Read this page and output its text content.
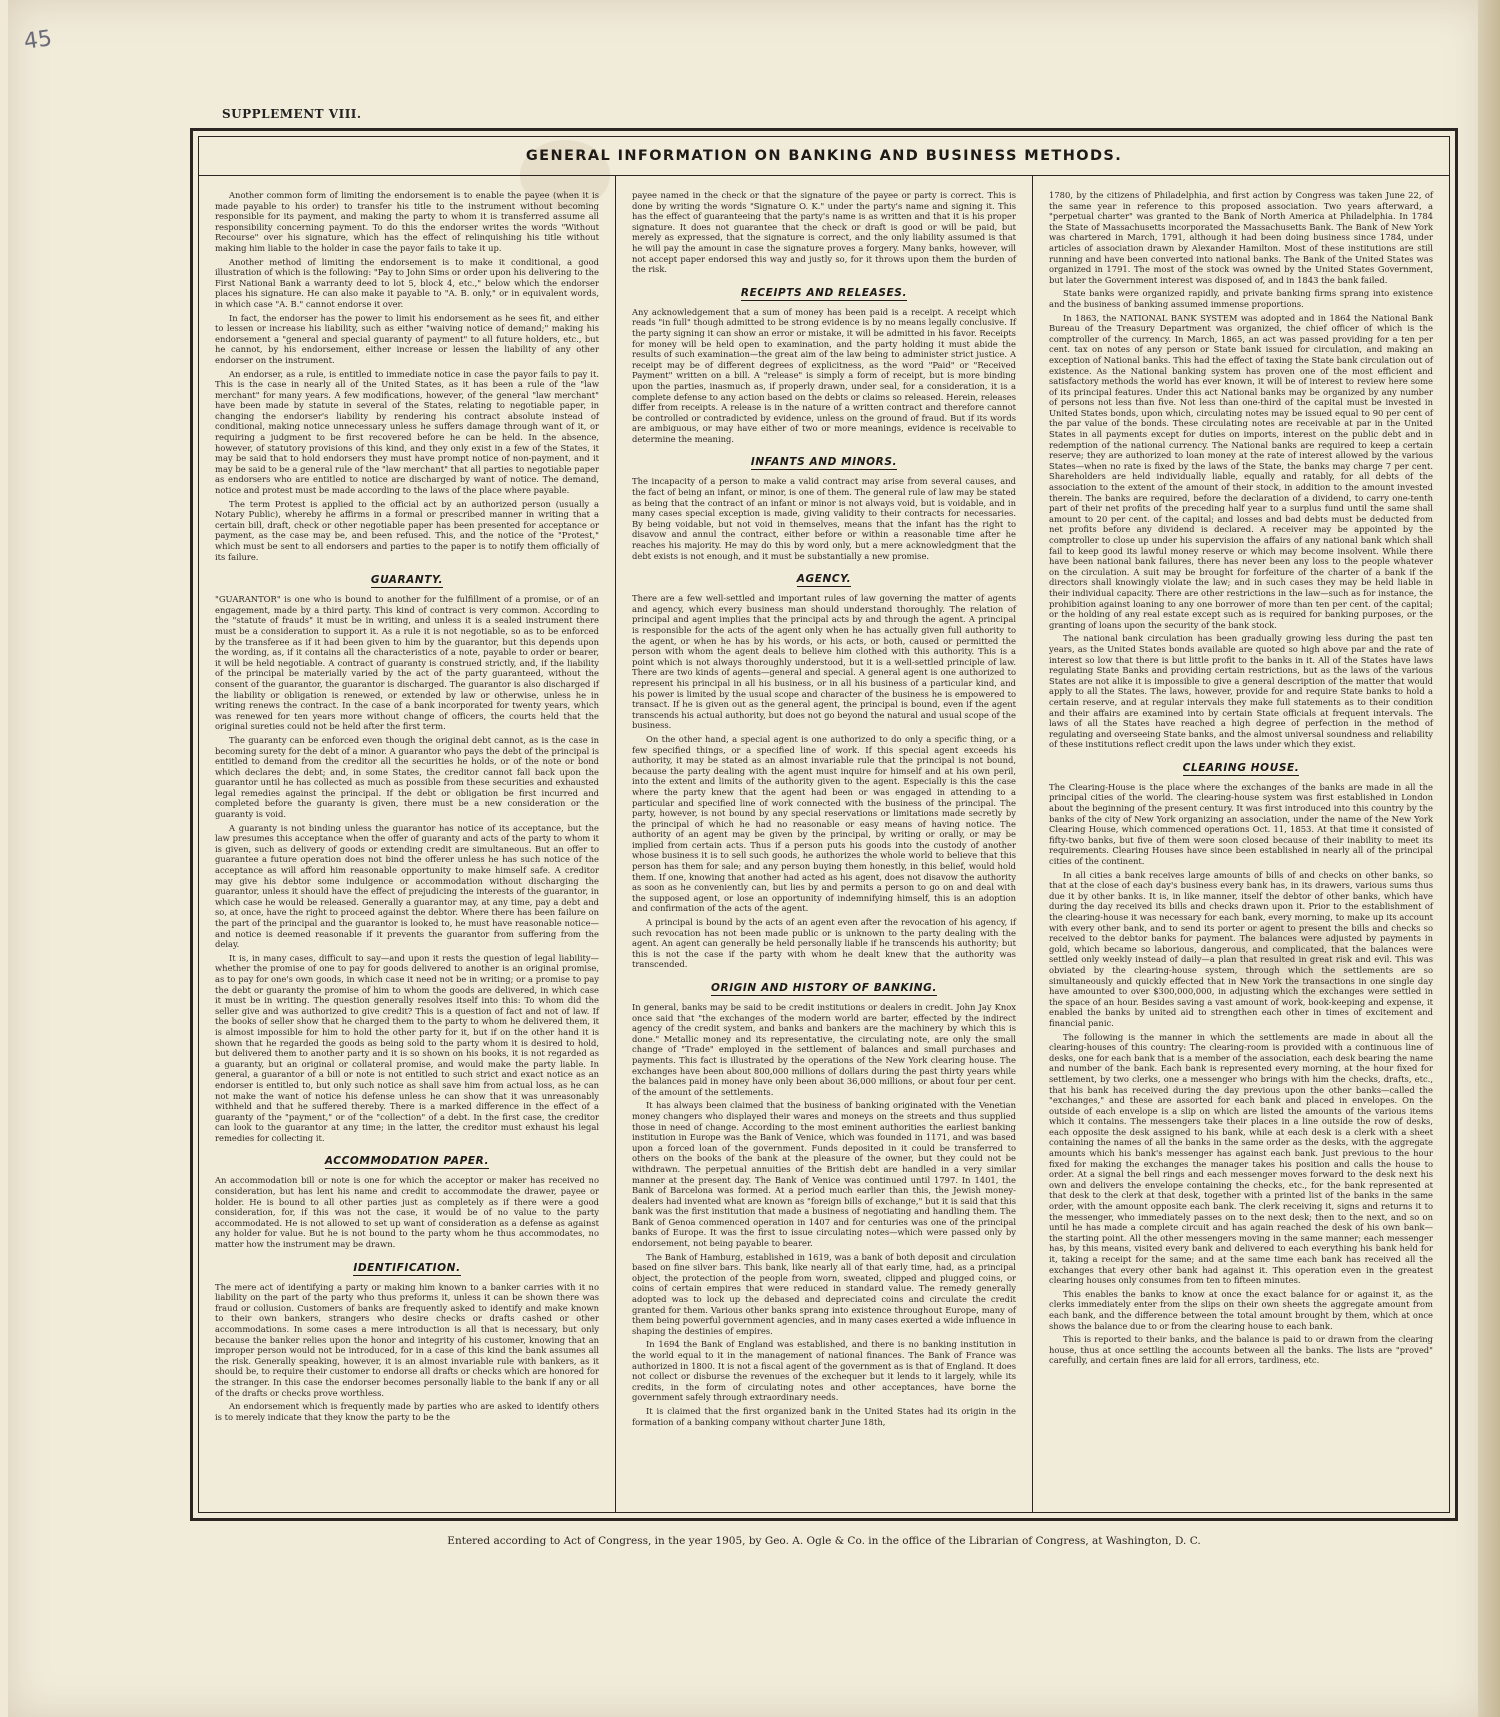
45
SUPPLEMENT VIII.
GENERAL INFORMATION ON BANKING AND BUSINESS METHODS.

Another common form of limiting the endorsement is to enable the payee (when it is made payable to his order) to transfer his title to the instrument without becoming responsible for its payment, and making the party to whom it is transferred assume all responsibility concerning payment. To do this the endorser writes the words "Without Recourse" over his signature, which has the effect of relinquishing his title without making him liable to the holder in case the payor fails to take it up.

Another method of limiting the endorsement is to make it conditional, a good illustration of which is the following: "Pay to John Sims or order upon his delivering to the First National Bank a warranty deed to lot 5, block 4, etc.," below which the endorser places his signature. He can also make it payable to "A. B. only," or in equivalent words, in which case "A. B." cannot endorse it over.

In fact, the endorser has the power to limit his endorsement as he sees fit, and either to lessen or increase his liability, such as either "waiving notice of demand;" making his endorsement a "general and special guaranty of payment" to all future holders, etc., but he cannot, by his endorsement, either increase or lessen the liability of any other endorser on the instrument.

An endorser, as a rule, is entitled to immediate notice in case the payor fails to pay it. This is the case in nearly all of the United States, as it has been a rule of the "law merchant" for many years. A few modifications, however, of the general "law merchant" have been made by statute in several of the States, relating to negotiable paper, in changing the endorser's liability by rendering his contract absolute instead of conditional, making notice unnecessary unless he suffers damage through want of it, or requiring a judgment to be first recovered before he can be held. In the absence, however, of statutory provisions of this kind, and they only exist in a few of the States, it may be said that to hold endorsers they must have prompt notice of non-payment, and it may be said to be a general rule of the "law merchant" that all parties to negotiable paper as endorsers who are entitled to notice are discharged by want of notice. The demand, notice and protest must be made according to the laws of the place where payable.

The term Protest is applied to the official act by an authorized person (usually a Notary Public), whereby he affirms in a formal or prescribed manner in writing that a certain bill, draft, check or other negotiable paper has been presented for acceptance or payment, as the case may be, and been refused. This, and the notice of the "Protest," which must be sent to all endorsers and parties to the paper is to notify them officially of its failure.

GUARANTY.

"GUARANTOR" is one who is bound to another for the fulfillment of a promise, or of an engagement, made by a third party. This kind of contract is very common. According to the "statute of frauds" it must be in writing, and unless it is a sealed instrument there must be a consideration to support it. As a rule it is not negotiable, so as to be enforced by the transferee as if it had been given to him by the guarantor, but this depends upon the wording, as, if it contains all the characteristics of a note, payable to order or bearer, it will be held negotiable. A contract of guaranty is construed strictly, and, if the liability of the principal be materially varied by the act of the party guaranteed, without the consent of the guarantor, the guarantor is discharged. The guarantor is also discharged if the liability or obligation is renewed, or extended by law or otherwise, unless he in writing renews the contract. In the case of a bank incorporated for twenty years, which was renewed for ten years more without change of officers, the courts held that the original sureties could not be held after the first term.

The guaranty can be enforced even though the original debt cannot, as is the case in becoming surety for the debt of a minor. A guarantor who pays the debt of the principal is entitled to demand from the creditor all the securities he holds, or of the note or bond which declares the debt; and, in some States, the creditor cannot fall back upon the guarantor until he has collected as much as possible from these securities and exhausted legal remedies against the principal. If the debt or obligation be first incurred and completed before the guaranty is given, there must be a new consideration or the guaranty is void.

A guaranty is not binding unless the guarantor has notice of its acceptance, but the law presumes this acceptance when the offer of guaranty and acts of the party to whom it is given, such as delivery of goods or extending credit are simultaneous. But an offer to guarantee a future operation does not bind the offerer unless he has such notice of the acceptance as will afford him reasonable opportunity to make himself safe. A creditor may give his debtor some indulgence or accommodation without discharging the guarantor, unless it should have the effect of prejudicing the interests of the guarantor, in which case he would be released. Generally a guarantor may, at any time, pay a debt and so, at once, have the right to proceed against the debtor. Where there has been failure on the part of the principal and the guarantor is looked to, he must have reasonable notice—and notice is deemed reasonable if it prevents the guarantor from suffering from the delay.

It is, in many cases, difficult to say—and upon it rests the question of legal liability—whether the promise of one to pay for goods delivered to another is an original promise, as to pay for one's own goods, in which case it need not be in writing; or a promise to pay the debt or guaranty the promise of him to whom the goods are delivered, in which case it must be in writing. The question generally resolves itself into this: To whom did the seller give and was authorized to give credit? This is a question of fact and not of law. If the books of seller show that he charged them to the party to whom he delivered them, it is almost impossible for him to hold the other party for it, but if on the other hand it is shown that he regarded the goods as being sold to the party whom it is desired to hold, but delivered them to another party and it is so shown on his books, it is not regarded as a guaranty, but an original or collateral promise, and would make the party liable. In general, a guarantor of a bill or note is not entitled to such strict and exact notice as an endorser is entitled to, but only such notice as shall save him from actual loss, as he can not make the want of notice his defense unless he can show that it was unreasonably withheld and that he suffered thereby. There is a marked difference in the effect of a guaranty of the "payment," or of the "collection" of a debt. In the first case, the creditor can look to the guarantor at any time; in the latter, the creditor must exhaust his legal remedies for collecting it.

ACCOMMODATION PAPER.

An accommodation bill or note is one for which the acceptor or maker has received no consideration, but has lent his name and credit to accommodate the drawer, payee or holder. He is bound to all other parties just as completely as if there were a good consideration, for, if this was not the case, it would be of no value to the party accommodated. He is not allowed to set up want of consideration as a defense as against any holder for value. But he is not bound to the party whom he thus accommodates, no matter how the instrument may be drawn.

IDENTIFICATION.

The mere act of identifying a party or making him known to a banker carries with it no liability on the part of the party who thus preforms it, unless it can be shown there was fraud or collusion. Customers of banks are frequently asked to identify and make known to their own bankers, strangers who desire checks or drafts cashed or other accommodations. In some cases a mere introduction is all that is necessary, but only because the banker relies upon the honor and integrity of his customer, knowing that an improper person would not be introduced, for in a case of this kind the bank assumes all the risk. Generally speaking, however, it is an almost invariable rule with bankers, as it should be, to require their customer to endorse all drafts or checks which are honored for the stranger. In this case the endorser becomes personally liable to the bank if any or all of the drafts or checks prove worthless.

An endorsement which is frequently made by parties who are asked to identify others is to merely indicate that they know the party to be the

payee named in the check or that the signature of the payee or party is correct. This is done by writing the words "Signature O. K." under the party's name and signing it. This has the effect of guaranteeing that the party's name is as written and that it is his proper signature. It does not guarantee that the check or draft is good or will be paid, but merely as expressed, that the signature is correct, and the only liability assumed is that he will pay the amount in case the signature proves a forgery. Many banks, however, will not accept paper endorsed this way and justly so, for it throws upon them the burden of the risk.

RECEIPTS AND RELEASES.

Any acknowledgement that a sum of money has been paid is a receipt. A receipt which reads "in full" though admitted to be strong evidence is by no means legally conclusive. If the party signing it can show an error or mistake, it will be admitted in his favor. Receipts for money will be held open to examination, and the party holding it must abide the results of such examination—the great aim of the law being to administer strict justice. A receipt may be of different degrees of explicitness, as the word "Paid" or "Received Payment" written on a bill. A "release" is simply a form of receipt, but is more binding upon the parties, inasmuch as, if properly drawn, under seal, for a consideration, it is a complete defense to any action based on the debts or claims so released. Herein, releases differ from receipts. A release is in the nature of a written contract and therefore cannot be controlled or contradicted by evidence, unless on the ground of fraud. But if its words are ambiguous, or may have either of two or more meanings, evidence is receivable to determine the meaning.

INFANTS AND MINORS.

The incapacity of a person to make a valid contract may arise from several causes, and the fact of being an infant, or minor, is one of them. The general rule of law may be stated as being that the contract of an infant or minor is not always void, but is voidable, and in many cases special exception is made, giving validity to their contracts for necessaries. By being voidable, but not void in themselves, means that the infant has the right to disavow and annul the contract, either before or within a reasonable time after he reaches his majority. He may do this by word only, but a mere acknowledgment that the debt exists is not enough, and it must be substantially a new promise.

AGENCY.

There are a few well-settled and important rules of law governing the matter of agents and agency, which every business man should understand thoroughly. The relation of principal and agent implies that the principal acts by and through the agent. A principal is responsible for the acts of the agent only when he has actually given full authority to the agent, or when he has by his words, or his acts, or both, caused or permitted the person with whom the agent deals to believe him clothed with this authority. This is a point which is not always thoroughly understood, but it is a well-settled principle of law. There are two kinds of agents—general and special. A general agent is one authorized to represent his principal in all his business, or in all his business of a particular kind, and his power is limited by the usual scope and character of the business he is empowered to transact. If he is given out as the general agent, the principal is bound, even if the agent transcends his actual authority, but does not go beyond the natural and usual scope of the business.

On the other hand, a special agent is one authorized to do only a specific thing, or a few specified things, or a specified line of work. If this special agent exceeds his authority, it may be stated as an almost invariable rule that the principal is not bound, because the party dealing with the agent must inquire for himself and at his own peril, into the extent and limits of the authority given to the agent. Especially is this the case where the party knew that the agent had been or was engaged in attending to a particular and specified line of work connected with the business of the principal. The party, however, is not bound by any special reservations or limitations made secretly by the principal of which he had no reasonable or easy means of having notice. The authority of an agent may be given by the principal, by writing or orally, or may be implied from certain acts. Thus if a person puts his goods into the custody of another whose business it is to sell such goods, he authorizes the whole world to believe that this person has them for sale; and any person buying them honestly, in this belief, would hold them. If one, knowing that another had acted as his agent, does not disavow the authority as soon as he conveniently can, but lies by and permits a person to go on and deal with the supposed agent, or lose an opportunity of indemnifying himself, this is an adoption and confirmation of the acts of the agent.

A principal is bound by the acts of an agent even after the revocation of his agency, if such revocation has not been made public or is unknown to the party dealing with the agent. An agent can generally be held personally liable if he transcends his authority; but this is not the case if the party with whom he dealt knew that the authority was transcended.

ORIGIN AND HISTORY OF BANKING.

In general, banks may be said to be credit institutions or dealers in credit. John Jay Knox once said that "the exchanges of the modern world are barter, effected by the indirect agency of the credit system, and banks and bankers are the machinery by which this is done." Metallic money and its representative, the circulating note, are only the small change of "Trade" employed in the settlement of balances and small purchases and payments. This fact is illustrated by the operations of the New York clearing house. The exchanges have been about 800,000 millions of dollars during the past thirty years while the balances paid in money have only been about 36,000 millions, or about four per cent. of the amount of the settlements.

It has always been claimed that the business of banking originated with the Venetian money changers who displayed their wares and moneys on the streets and thus supplied those in need of change. According to the most eminent authorities the earliest banking institution in Europe was the Bank of Venice, which was founded in 1171, and was based upon a forced loan of the government. Funds deposited in it could be transferred to others on the books of the bank at the pleasure of the owner, but they could not be withdrawn. The perpetual annuities of the British debt are handled in a very similar manner at the present day. The Bank of Venice was continued until 1797. In 1401, the Bank of Barcelona was formed. At a period much earlier than this, the Jewish money-dealers had invented what are known as "foreign bills of exchange," but it is said that this bank was the first institution that made a business of negotiating and handling them. The Bank of Genoa commenced operation in 1407 and for centuries was one of the principal banks of Europe. It was the first to issue circulating notes—which were passed only by endorsement, not being payable to bearer.

The Bank of Hamburg, established in 1619, was a bank of both deposit and circulation based on fine silver bars. This bank, like nearly all of that early time, had, as a principal object, the protection of the people from worn, sweated, clipped and plugged coins, or coins of certain empires that were reduced in standard value. The remedy generally adopted was to lock up the debased and depreciated coins and circulate the credit granted for them. Various other banks sprang into existence throughout Europe, many of them being powerful government agencies, and in many cases exerted a wide influence in shaping the destinies of empires.

In 1694 the Bank of England was established, and there is no banking institution in the world equal to it in the management of national finances. The Bank of France was authorized in 1800. It is not a fiscal agent of the government as is that of England. It does not collect or disburse the revenues of the exchequer but it lends to it largely, while its credits, in the form of circulating notes and other acceptances, have borne the government safely through extraordinary needs.

It is claimed that the first organized bank in the United States had its origin in the formation of a banking company without charter June 18th,

1780, by the citizens of Philadelphia, and first action by Congress was taken June 22, of the same year in reference to this proposed association. Two years afterward, a "perpetual charter" was granted to the Bank of North America at Philadelphia. In 1784 the State of Massachusetts incorporated the Massachusetts Bank. The Bank of New York was chartered in March, 1791, although it had been doing business since 1784, under articles of association drawn by Alexander Hamilton. Most of these institutions are still running and have been converted into national banks. The Bank of the United States was organized in 1791. The most of the stock was owned by the United States Government, but later the Government interest was disposed of, and in 1843 the bank failed.

State banks were organized rapidly, and private banking firms sprang into existence and the business of banking assumed immense proportions.

In 1863, the NATIONAL BANK SYSTEM was adopted and in 1864 the National Bank Bureau of the Treasury Department was organized, the chief officer of which is the comptroller of the currency. In March, 1865, an act was passed providing for a ten per cent. tax on notes of any person or State bank issued for circulation, and making an exception of National banks. This had the effect of taxing the State bank circulation out of existence. As the National banking system has proven one of the most efficient and satisfactory methods the world has ever known, it will be of interest to review here some of its principal features. Under this act National banks may be organized by any number of persons not less than five. Not less than one-third of the capital must be invested in United States bonds, upon which, circulating notes may be issued equal to 90 per cent of the par value of the bonds. These circulating notes are receivable at par in the United States in all payments except for duties on imports, interest on the public debt and in redemption of the national currency. The National banks are required to keep a certain reserve; they are authorized to loan money at the rate of interest allowed by the various States—when no rate is fixed by the laws of the State, the banks may charge 7 per cent. Shareholders are held individually liable, equally and ratably, for all debts of the association to the extent of the amount of their stock, in addition to the amount invested therein. The banks are required, before the declaration of a dividend, to carry one-tenth part of their net profits of the preceding half year to a surplus fund until the same shall amount to 20 per cent. of the capital; and losses and bad debts must be deducted from net profits before any dividend is declared. A receiver may be appointed by the comptroller to close up under his supervision the affairs of any national bank which shall fail to keep good its lawful money reserve or which may become insolvent. While there have been national bank failures, there has never been any loss to the people whatever on the circulation. A suit may be brought for forfeiture of the charter of a bank if the directors shall knowingly violate the law; and in such cases they may be held liable in their individual capacity. There are other restrictions in the law—such as for instance, the prohibition against loaning to any one borrower of more than ten per cent. of the capital; or the holding of any real estate except such as is required for banking purposes, or the granting of loans upon the security of the bank stock.

The national bank circulation has been gradually growing less during the past ten years, as the United States bonds available are quoted so high above par and the rate of interest so low that there is but little profit to the banks in it. All of the States have laws regulating State Banks and providing certain restrictions, but as the laws of the various States are not alike it is impossible to give a general description of the matter that would apply to all the States. The laws, however, provide for and require State banks to hold a certain reserve, and at regular intervals they make full statements as to their condition and their affairs are examined into by certain State officials at frequent intervals. The laws of all the States have reached a high degree of perfection in the method of regulating and overseeing State banks, and the almost universal soundness and reliability of these institutions reflect credit upon the laws under which they exist.

CLEARING HOUSE.

The Clearing-House is the place where the exchanges of the banks are made in all the principal cities of the world. The clearing-house system was first established in London about the beginning of the present century. It was first introduced into this country by the banks of the city of New York organizing an association, under the name of the New York Clearing House, which commenced operations Oct. 11, 1853. At that time it consisted of fifty-two banks, but five of them were soon closed because of their inability to meet its requirements. Clearing Houses have since been established in nearly all of the principal cities of the continent.

In all cities a bank receives large amounts of bills of and checks on other banks, so that at the close of each day's business every bank has, in its drawers, various sums thus due it by other banks. It is, in like manner, itself the debtor of other banks, which have during the day received its bills and checks drawn upon it. Prior to the establishment of the clearing-house it was necessary for each bank, every morning, to make up its account with every other bank, and to send its porter or agent to present the bills and checks so received to the debtor banks for payment. The balances were adjusted by payments in gold, which became so laborious, dangerous, and complicated, that the balances were settled only weekly instead of daily—a plan that resulted in great risk and evil. This was obviated by the clearing-house system, through which the settlements are so simultaneously and quickly effected that in New York the transactions in one single day have amounted to over $300,000,000, in adjusting which the exchanges were settled in the space of an hour. Besides saving a vast amount of work, book-keeping and expense, it enabled the banks by united aid to strengthen each other in times of excitement and financial panic.

The following is the manner in which the settlements are made in about all the clearing-houses of this country: The clearing-room is provided with a continuous line of desks, one for each bank that is a member of the association, each desk bearing the name and number of the bank. Each bank is represented every morning, at the hour fixed for settlement, by two clerks, one a messenger who brings with him the checks, drafts, etc., that his bank has received during the day previous upon the other banks—called the "exchanges," and these are assorted for each bank and placed in envelopes. On the outside of each envelope is a slip on which are listed the amounts of the various items which it contains. The messengers take their places in a line outside the row of desks, each opposite the desk assigned to his bank, while at each desk is a clerk with a sheet containing the names of all the banks in the same order as the desks, with the aggregate amounts which his bank's messenger has against each bank. Just previous to the hour fixed for making the exchanges the manager takes his position and calls the house to order. At a signal the bell rings and each messenger moves forward to the desk next his own and delivers the envelope containing the checks, etc., for the bank represented at that desk to the clerk at that desk, together with a printed list of the banks in the same order, with the amount opposite each bank. The clerk receiving it, signs and returns it to the messenger, who immediately passes on to the next desk; then to the next, and so on until he has made a complete circuit and has again reached the desk of his own bank—the starting point. All the other messengers moving in the same manner; each messenger has, by this means, visited every bank and delivered to each everything his bank held for it, taking a receipt for the same; and at the same time each bank has received all the exchanges that every other bank had against it. This operation even in the greatest clearing houses only consumes from ten to fifteen minutes.

This enables the banks to know at once the exact balance for or against it, as the clerks immediately enter from the slips on their own sheets the aggregate amount from each bank, and the difference between the total amount brought by them, which at once shows the balance due to or from the clearing house to each bank.

This is reported to their banks, and the balance is paid to or drawn from the clearing house, thus at once settling the accounts between all the banks. The lists are "proved" carefully, and certain fines are laid for all errors, tardiness, etc.

Entered according to Act of Congress, in the year 1905, by Geo. A. Ogle & Co. in the office of the Librarian of Congress, at Washington, D. C.
